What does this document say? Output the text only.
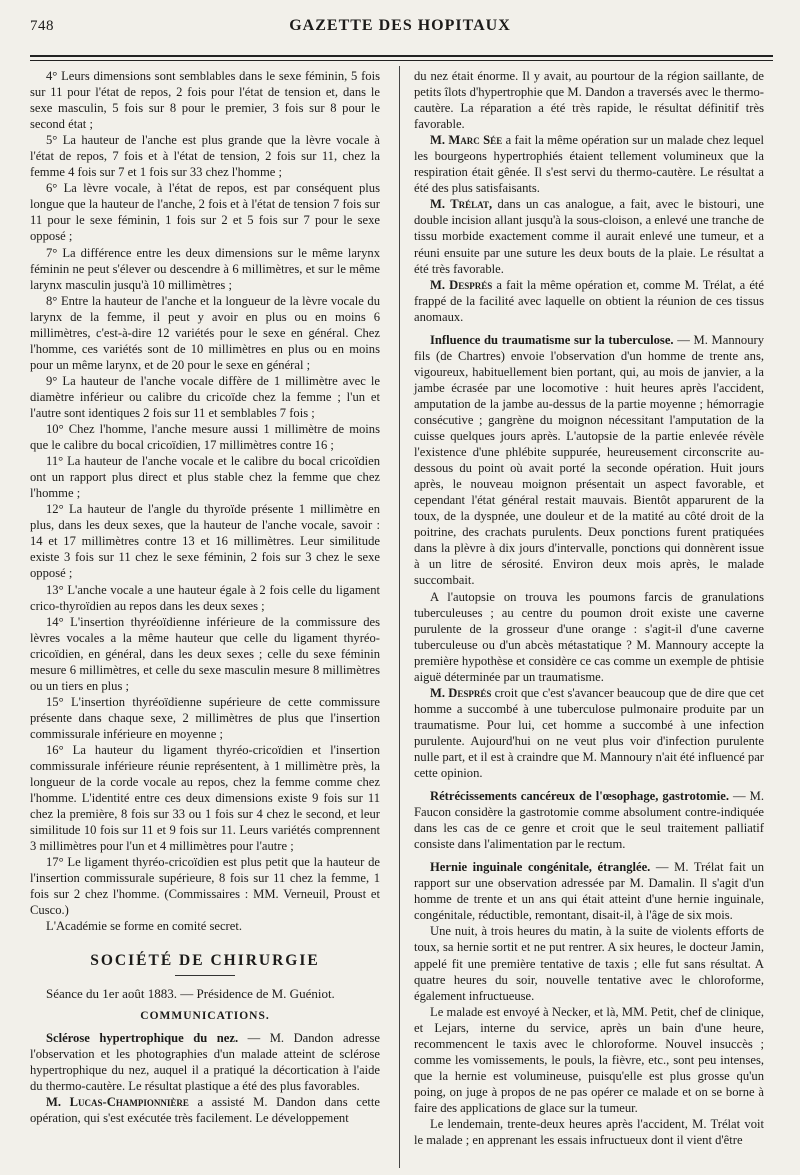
748	GAZETTE DES HOPITAUX

4° Leurs dimensions sont semblables dans le sexe féminin, 5 fois sur 11 pour l'état de repos, 2 fois pour l'état de tension et, dans le sexe masculin, 5 fois sur 8 pour le premier, 3 fois sur 8 pour le second état ;

5° La hauteur de l'anche est plus grande que la lèvre vocale à l'état de repos, 7 fois et à l'état de tension, 2 fois sur 11, chez la femme 4 fois sur 7 et 1 fois sur 33 chez l'homme ;

6° La lèvre vocale, à l'état de repos, est par conséquent plus longue que la hauteur de l'anche, 2 fois et à l'état de tension 7 fois sur 11 pour le sexe féminin, 1 fois sur 2 et 5 fois sur 7 pour le sexe opposé ;

7° La différence entre les deux dimensions sur le même larynx féminin ne peut s'élever ou descendre à 6 millimètres, et sur le même larynx masculin jusqu'à 10 millimètres ;

8° Entre la hauteur de l'anche et la longueur de la lèvre vocale du larynx de la femme, il peut y avoir en plus ou en moins 6 millimètres, c'est-à-dire 12 variétés pour le sexe en général. Chez l'homme, ces variétés sont de 10 millimètres en plus ou en moins pour un même larynx, et de 20 pour le sexe en général ;

9° La hauteur de l'anche vocale diffère de 1 millimètre avec le diamètre inférieur ou calibre du cricoïde chez la femme ; l'un et l'autre sont identiques 2 fois sur 11 et semblables 7 fois ;

10° Chez l'homme, l'anche mesure aussi 1 millimètre de moins que le calibre du bocal cricoïdien, 17 millimètres contre 16 ;

11° La hauteur de l'anche vocale et le calibre du bocal cricoïdien ont un rapport plus direct et plus stable chez la femme que chez l'homme ;

12° La hauteur de l'angle du thyroïde présente 1 millimètre en plus, dans les deux sexes, que la hauteur de l'anche vocale, savoir : 14 et 17 millimètres contre 13 et 16 millimètres. Leur similitude existe 3 fois sur 11 chez le sexe féminin, 2 fois sur 3 chez le sexe opposé ;

13° L'anche vocale a une hauteur égale à 2 fois celle du ligament crico-thyroïdien au repos dans les deux sexes ;

14° L'insertion thyréoïdienne inférieure de la commissure des lèvres vocales a la même hauteur que celle du ligament thyréo-cricoïdien, en général, dans les deux sexes ; celle du sexe féminin mesure 6 millimètres, et celle du sexe masculin mesure 8 millimètres ou un tiers en plus ;

15° L'insertion thyréoïdienne supérieure de cette commissure présente dans chaque sexe, 2 millimètres de plus que l'insertion commissurale inférieure en moyenne ;

16° La hauteur du ligament thyréo-cricoïdien et l'insertion commissurale inférieure réunie représentent, à 1 millimètre près, la longueur de la corde vocale au repos, chez la femme comme chez l'homme. L'identité entre ces deux dimensions existe 9 fois sur 11 chez la première, 8 fois sur 33 ou 1 fois sur 4 chez le second, et leur similitude 10 fois sur 11 et 9 fois sur 11. Leurs variétés comprennent 3 millimètres pour l'un et 4 millimètres pour l'autre ;

17° Le ligament thyréo-cricoïdien est plus petit que la hauteur de l'insertion commissurale supérieure, 8 fois sur 11 chez la femme, 1 fois sur 2 chez l'homme. (Commissaires : MM. Verneuil, Proust et Cusco.)

L'Académie se forme en comité secret.

SOCIÉTÉ DE CHIRURGIE

Séance du 1er août 1883. — Présidence de M. Guéniot.

COMMUNICATIONS.

Sclérose hypertrophique du nez. — M. Dandon adresse l'observation et les photographies d'un malade atteint de sclérose hypertrophique du nez, auquel il a pratiqué la décortication à l'aide du thermo-cautère. Le résultat plastique a été des plus favorables.

M. Lucas-Championnière a assisté M. Dandon dans cette opération, qui s'est exécutée très facilement. Le développement

du nez était énorme. Il y avait, au pourtour de la région saillante, de petits îlots d'hypertrophie que M. Dandon a traversés avec le thermo-cautère. La réparation a été très rapide, le résultat définitif très favorable.

M. Marc Sée a fait la même opération sur un malade chez lequel les bourgeons hypertrophiés étaient tellement volumineux que la respiration était gênée. Il s'est servi du thermo-cautère. Le résultat a été des plus satisfaisants.

M. Trélat, dans un cas analogue, a fait, avec le bistouri, une double incision allant jusqu'à la sous-cloison, a enlevé une tranche de tissu morbide exactement comme il aurait enlevé une tumeur, et a réuni ensuite par une suture les deux bouts de la plaie. Le résultat a été très favorable.

M. Després a fait la même opération et, comme M. Trélat, a été frappé de la facilité avec laquelle on obtient la réunion de ces tissus anomaux.

Influence du traumatisme sur la tuberculose. — M. Mannoury fils (de Chartres) envoie l'observation d'un homme de trente ans, vigoureux, habituellement bien portant, qui, au mois de janvier, a la jambe écrasée par une locomotive : huit heures après l'accident, amputation de la jambe au-dessus de la partie moyenne ; hémorragie consécutive ; gangrène du moignon nécessitant l'amputation de la cuisse quelques jours après. L'autopsie de la partie enlevée révèle l'existence d'une phlébite suppurée, heureusement circonscrite au-dessous du point où avait porté la seconde opération. Huit jours après, le nouveau moignon présentait un aspect favorable, et cependant l'état général restait mauvais. Bientôt apparurent de la toux, de la dyspnée, une douleur et de la matité au côté droit de la poitrine, des crachats purulents. Deux ponctions furent pratiquées dans la plèvre à dix jours d'intervalle, ponctions qui donnèrent issue à un litre de sérosité. Environ deux mois après, le malade succombait.

A l'autopsie on trouva les poumons farcis de granulations tuberculeuses ; au centre du poumon droit existe une caverne purulente de la grosseur d'une orange : s'agit-il d'une caverne tuberculeuse ou d'un abcès métastatique ? M. Mannoury accepte la première hypothèse et considère ce cas comme un exemple de phtisie aiguë déterminée par un traumatisme.

M. Després croit que c'est s'avancer beaucoup que de dire que cet homme a succombé à une tuberculose pulmonaire produite par un traumatisme. Pour lui, cet homme a succombé à une infection purulente. Aujourd'hui on ne veut plus voir d'infection purulente nulle part, et il est à craindre que M. Mannoury n'ait été influencé par cette opinion.

Rétrécissements cancéreux de l'œsophage, gastrotomie. — M. Faucon considère la gastrotomie comme absolument contre-indiquée dans les cas de ce genre et croit que le seul traitement palliatif consiste dans l'alimentation par le rectum.

Hernie inguinale congénitale, étranglée. — M. Trélat fait un rapport sur une observation adressée par M. Damalin. Il s'agit d'un homme de trente et un ans qui était atteint d'une hernie inguinale, congénitale, réductible, remontant, disait-il, à l'âge de six mois.

Une nuit, à trois heures du matin, à la suite de violents efforts de toux, sa hernie sortit et ne put rentrer. A six heures, le docteur Jamin, appelé fit une première tentative de taxis ; elle fut sans résultat. A quatre heures du soir, nouvelle tentative avec le chloroforme, également infructueuse.

Le malade est envoyé à Necker, et là, MM. Petit, chef de clinique, et Lejars, interne du service, après un bain d'une heure, recommencent le taxis avec le chloroforme. Nouvel insuccès ; comme les vomissements, le pouls, la fièvre, etc., sont peu intenses, que la hernie est volumineuse, puisqu'elle est plus grosse qu'un poing, on juge à propos de ne pas opérer ce malade et on se borne à faire des applications de glace sur la tumeur.

Le lendemain, trente-deux heures après l'accident, M. Trélat voit le malade ; en apprenant les essais infructueux dont il vient d'être
